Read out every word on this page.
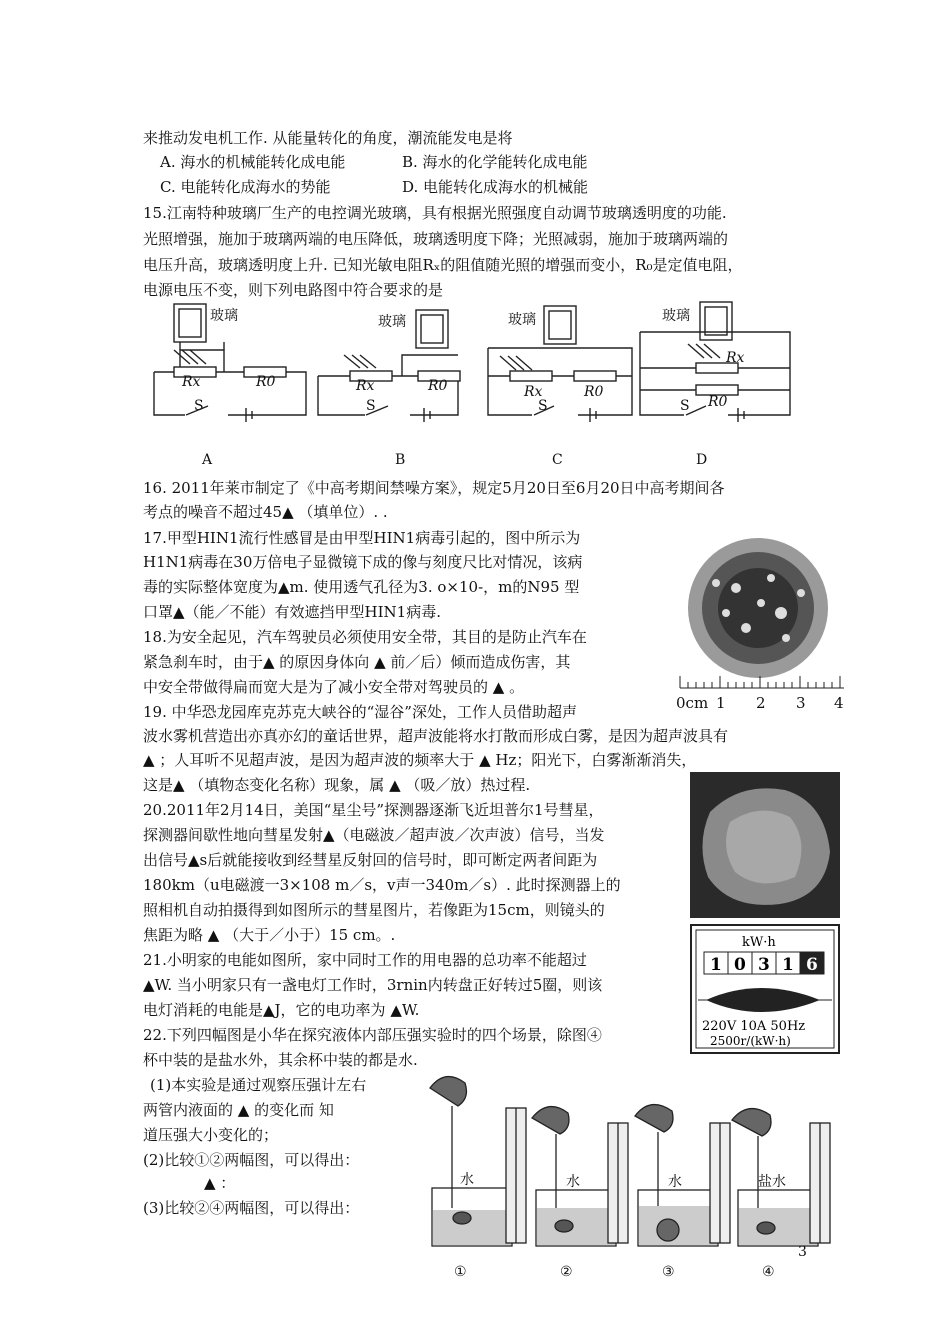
来推动发电机工作. 从能量转化的角度，潮流能发电是将
A. 海水的机械能转化成电能	B. 海水的化学能转化成电能
C. 电能转化成海水的势能	D. 电能转化成海水的机械能
15.江南特种玻璃厂生产的电控调光玻璃，具有根据光照强度自动调节玻璃透明度的功能.
光照增强，施加于玻璃两端的电压降低，玻璃透明度下降；光照减弱，施加于玻璃两端的
电压升高，玻璃透明度上升. 已知光敏电阻Rₓ的阻值随光照的增强而变小，R₀是定值电阻，
电源电压不变，则下列电路图中符合要求的是
玻璃
Rx	R0
S
玻璃
Rx	R0
S
玻璃
Rx	R0
S
玻璃
Rx
R0
S
A	B	C	D
16. 2011年莱市制定了《中高考期间禁噪方案》，规定5月20日至6月20日中高考期间各
考点的噪音不超过45▲ （填单位）. .
17.甲型HIN1流行性感冒是由甲型HIN1病毒引起的，图中所示为
H1N1病毒在30万倍电子显微镜下成的像与刻度尺比对情况，该病
毒的实际整体宽度为▲m. 使用透气孔径为3. o×10-，m的N95 型
口罩▲（能／不能）有效遮挡甲型HIN1病毒.
0cm 1 2 3 4
18.为安全起见，汽车驾驶员必须使用安全带，其目的是防止汽车在
紧急刹车时，由于▲ 的原因身体向 ▲ 前／后）倾而造成伤害，其
中安全带做得扁而宽大是为了减小安全带对驾驶员的 ▲ 。
19. 中华恐龙园库克苏克大峡谷的“湿谷”深处，工作人员借助超声
波水雾机营造出亦真亦幻的童话世界，超声波能将水打散而形成白雾，是因为超声波具有
▲ ；人耳听不见超声波，是因为超声波的频率大于 ▲ Hz；阳光下，白雾渐渐消失，
这是▲ （填物态变化名称）现象，属 ▲ （吸／放）热过程.
20.2011年2月14日，美国“星尘号”探测器逐渐飞近坦普尔1号彗星，
探测器间歇性地向彗星发射▲（电磁波／超声波／次声波）信号，当发
出信号▲s后就能接收到经彗星反射回的信号时，即可断定两者间距为
180km（u电磁渡一3×108 m／s，v声一340m／s）. 此时探测器上的
照相机自动拍摄得到如图所示的彗星图片，若像距为15cm，则镜头的
焦距为略 ▲ （大于／小于）15 cm。.	kW·h
1 0 3 1 6
220V 10A 50Hz
2500r/(kW·h)
21.小明家的电能如图所，家中同时工作的用电器的总功率不能超过
▲W. 当小明家只有一盏电灯工作时，3rnin内转盘正好转过5圈，则该
电灯消耗的电能是▲J，它的电功率为 ▲W.
22.下列四幅图是小华在探究液体内部压强实验时的四个场景，除图④
杯中装的是盐水外，其余杯中装的都是水.
(1)本实验是通过观察压强计左右
两管内液面的 ▲ 的变化而 知
道压强大小变化的；
(2)比较①②两幅图，可以得出：
▲ ：
(3)比较②④两幅图，可以得出：
水	水	水	盐水
①	②	③	④
3
